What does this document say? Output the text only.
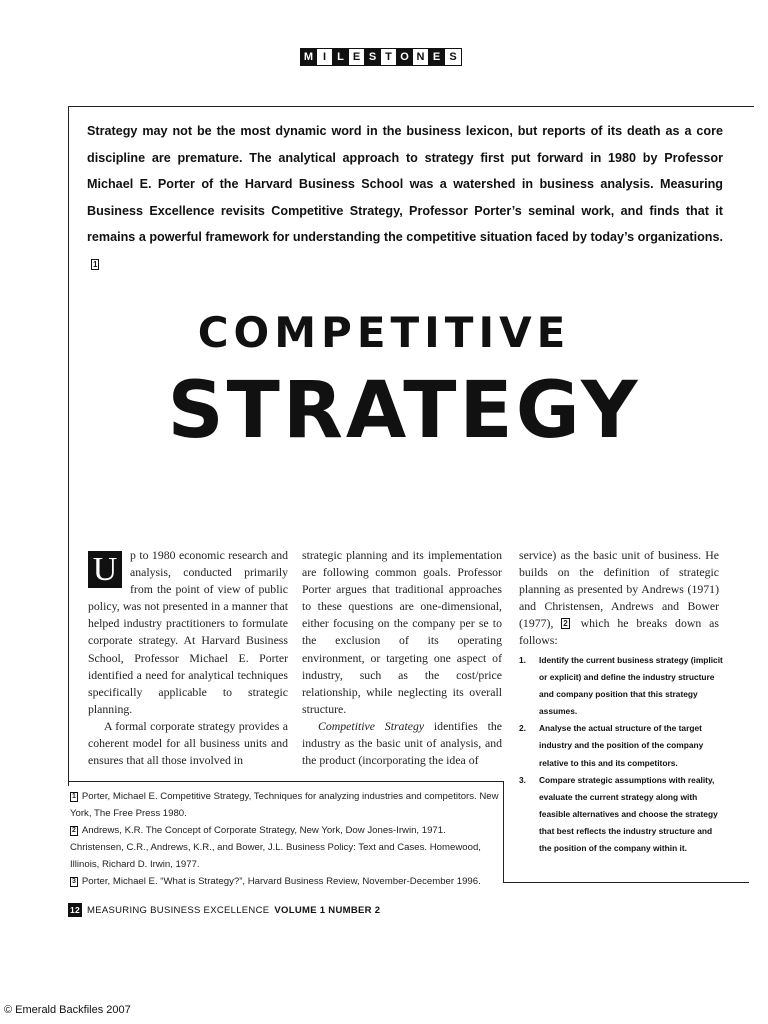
M I	L E S T O N E S
Strategy may not be the most dynamic word in the business lexicon, but reports of its death as a core discipline are premature. The analytical approach to strategy first put forward in 1980 by Professor Michael E. Porter of the Harvard Business School was a watershed in business analysis. Measuring Business Excellence revisits Competitive Strategy, Professor Porter’s seminal work, and finds that it remains a powerful framework for understanding the competitive situation faced by today’s organizations.1
COMPETITIVE
STRATEGY

U	p to 1980 economic research and analysis, conducted primarily from the point of view of public policy, was not presented in a manner that helped industry practitioners to formulate corporate strategy. At Harvard Business School, Professor Michael E. Porter identified a need for analytical techniques specifically applicable to strategic planning.

A formal corporate strategy provides a coherent model for all business units and ensures that all those involved in

strategic planning and its implementation are following common goals. Professor Porter argues that traditional approaches to these questions are one-dimensional, either focusing on the company per se to the exclusion of its operating environment, or targeting one aspect of industry, such as the cost/price relationship, while neglecting its overall structure.

Competitive Strategy identifies the industry as the basic unit of analysis, and the product (incorporating the idea of

service) as the basic unit of business. He builds on the definition of strategic planning as presented by Andrews (1971) and Christensen, Andrews and Bower (1977), 2 which he breaks down as follows:

1. Identify the current business strategy (implicit or explicit) and define the industry structure and company position that this strategy assumes.
2. Analyse the actual structure of the target industry and the position of the company relative to this and its competitors.
3. Compare strategic assumptions with reality, evaluate the current strategy along with feasible alternatives and choose the strategy that best reflects the industry structure and the position of the company within it.
1 Porter, Michael E. Competitive Strategy, Techniques for analyzing industries and competitors. New York, The Free Press 1980.
2 Andrews, K.R. The Concept of Corporate Strategy, New York, Dow Jones-Irwin, 1971. Christensen, C.R., Andrews, K.R., and Bower, J.L. Business Policy: Text and Cases. Homewood, Illinois, Richard D. Irwin, 1977.
3 Porter, Michael E. “What is Strategy?”, Harvard Business Review, November-December 1996.
12 MEASURING BUSINESS EXCELLENCE VOLUME 1 NUMBER 2
© Emerald Backfiles 2007
